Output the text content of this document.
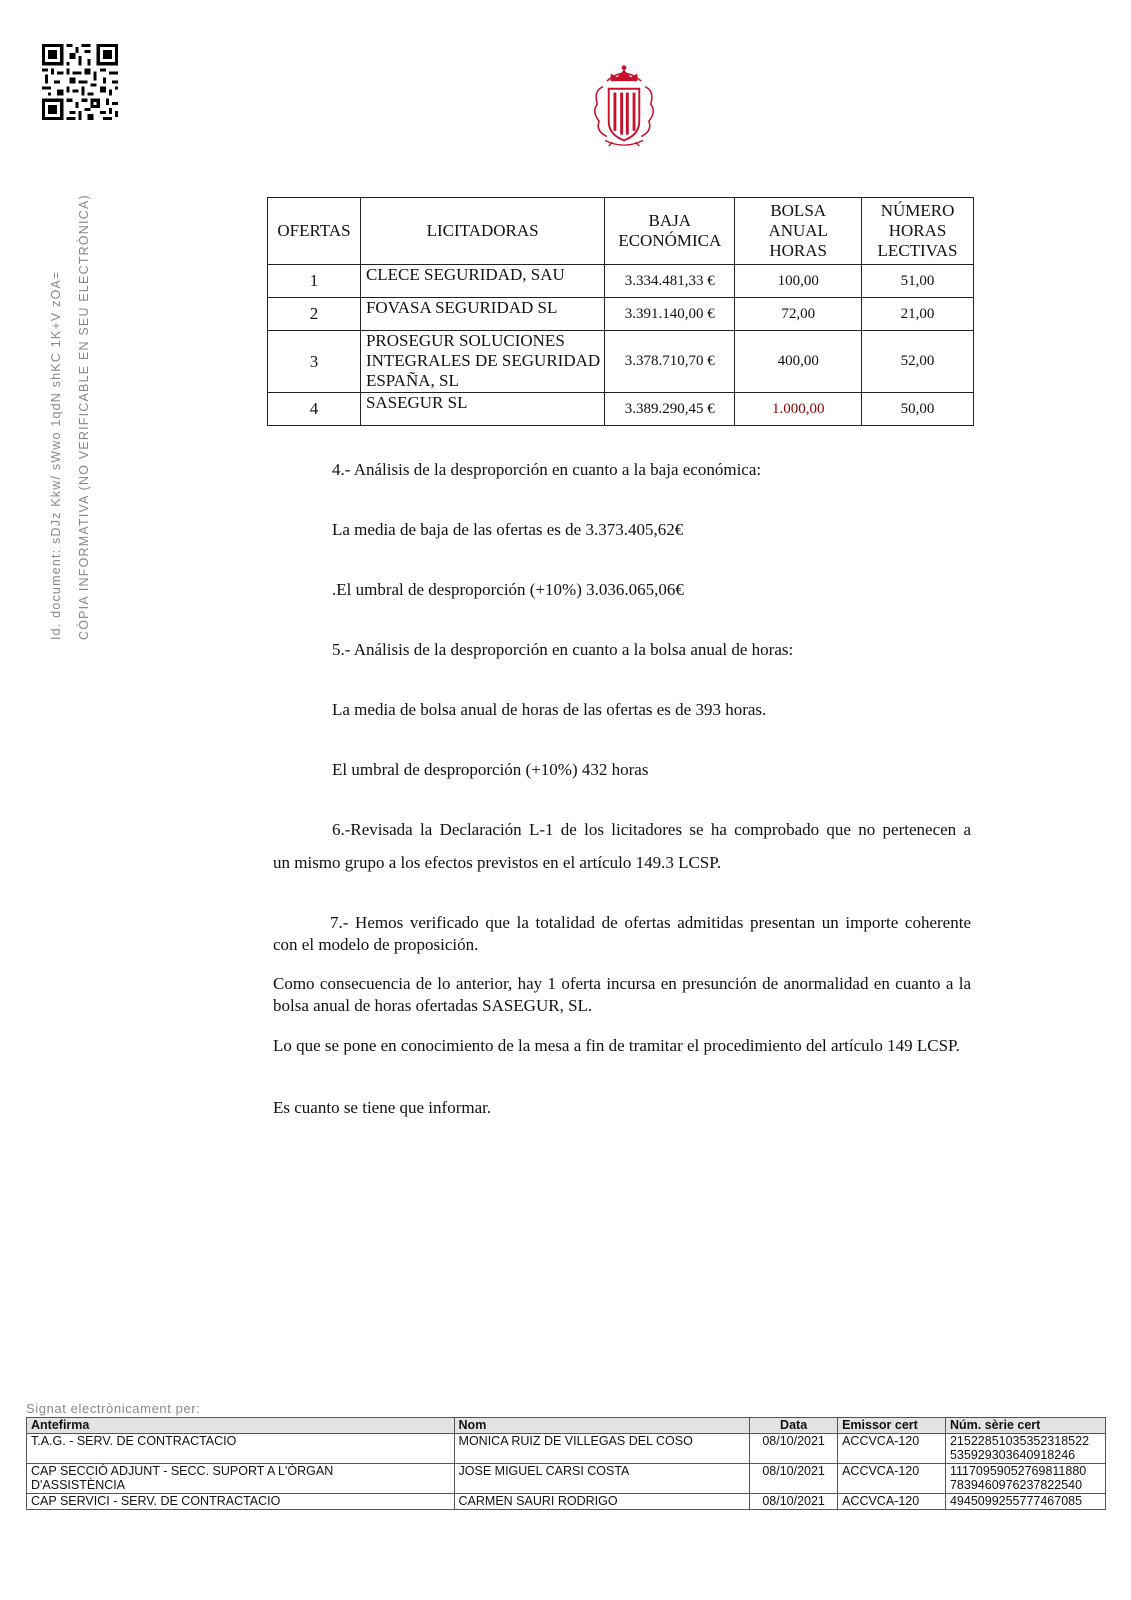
Id. document: sDJz Kkw/ sWwo 1qdN shKC 1K+V zOA= CÒPIA INFORMATIVA (NO VERIFICABLE EN SEU ELECTRÒNICA)	OFERTAS	LICITADORAS	BAJA ECONÓMICA	BOLSA ANUAL HORAS	NÚMERO HORAS LECTIVAS
1	CLECE SEGURIDAD, SAU	3.334.481,33 €	100,00	51,00
2	FOVASA SEGURIDAD SL	3.391.140,00 €	72,00	21,00
3	PROSEGUR SOLUCIONES INTEGRALES DE SEGURIDAD ESPAÑA, SL	3.378.710,70 €	400,00	52,00
4	SASEGUR SL	3.389.290,45 €	1.000,00	50,00
4.- Análisis de la desproporción en cuanto a la baja económica:
La media de baja de las ofertas es de 3.373.405,62€
.El umbral de desproporción (+10%) 3.036.065,06€
5.- Análisis de la desproporción en cuanto a la bolsa anual de horas:
La media de bolsa anual de horas de las ofertas es de 393 horas.
El umbral de desproporción (+10%) 432 horas
6.-Revisada la Declaración L-1 de los licitadores se ha comprobado que no pertenecen a
un mismo grupo a los efectos previstos en el artículo 149.3 LCSP.
7.- Hemos verificado que la totalidad de ofertas admitidas presentan un importe coherente con el modelo de proposición.
Como consecuencia de lo anterior, hay 1 oferta incursa en presunción de anormalidad en cuanto a la bolsa anual de horas ofertadas SASEGUR, SL.
Lo que se pone en conocimiento de la mesa a fin de tramitar el procedimiento del artículo 149 LCSP.
Es cuanto se tiene que informar.
Signat electrònicament per:
Antefirma	Nom	Data	Emissor cert	Núm. sèrie cert
T.A.G. - SERV. DE CONTRACTACIO	MONICA RUIZ DE VILLEGAS DEL COSO	08/10/2021	ACCVCA-120	21522851035352318522 535929303640918246
CAP SECCIÓ ADJUNT - SECC. SUPORT A L'ÒRGAN D'ASSISTÈNCIA	JOSE MIGUEL CARSI COSTA	08/10/2021	ACCVCA-120	11170959052769811880 7839460976237822540
CAP SERVICI - SERV. DE CONTRACTACIO	CARMEN SAURI RODRIGO	08/10/2021	ACCVCA-120	4945099255777467085
